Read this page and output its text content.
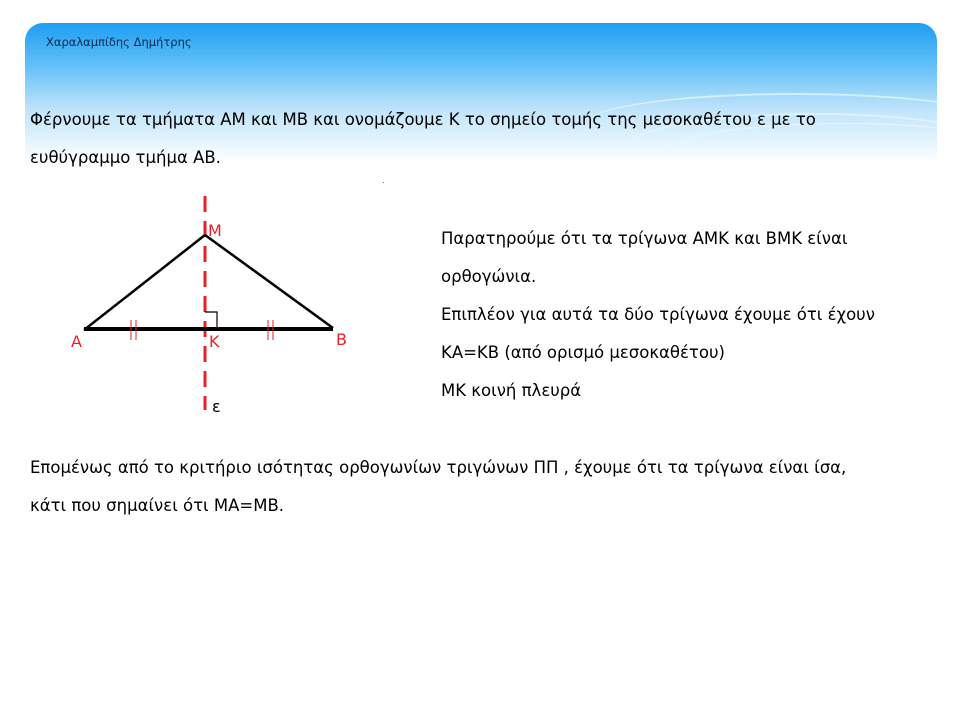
Χαραλαμπίδης Δημήτρης
Φέρνουμε τα τμήματα ΑΜ και ΜΒ και ονομάζουμε Κ το σημείο τομής της μεσοκαθέτου ε με το
ευθύγραμμο τμήμα ΑΒ.
.
M
A	K	B
ε
Παρατηρούμε ότι τα τρίγωνα ΑΜΚ και ΒΜΚ είναι
ορθογώνια.
Επιπλέον για αυτά τα δύο τρίγωνα έχουμε ότι έχουν
ΚΑ=ΚΒ (από ορισμό μεσοκαθέτου)
ΜΚ κοινή πλευρά
Επομένως από το κριτήριο ισότητας ορθογωνίων τριγώνων ΠΠ , έχουμε ότι τα τρίγωνα είναι ίσα,
κάτι που σημαίνει ότι ΜΑ=ΜΒ.
